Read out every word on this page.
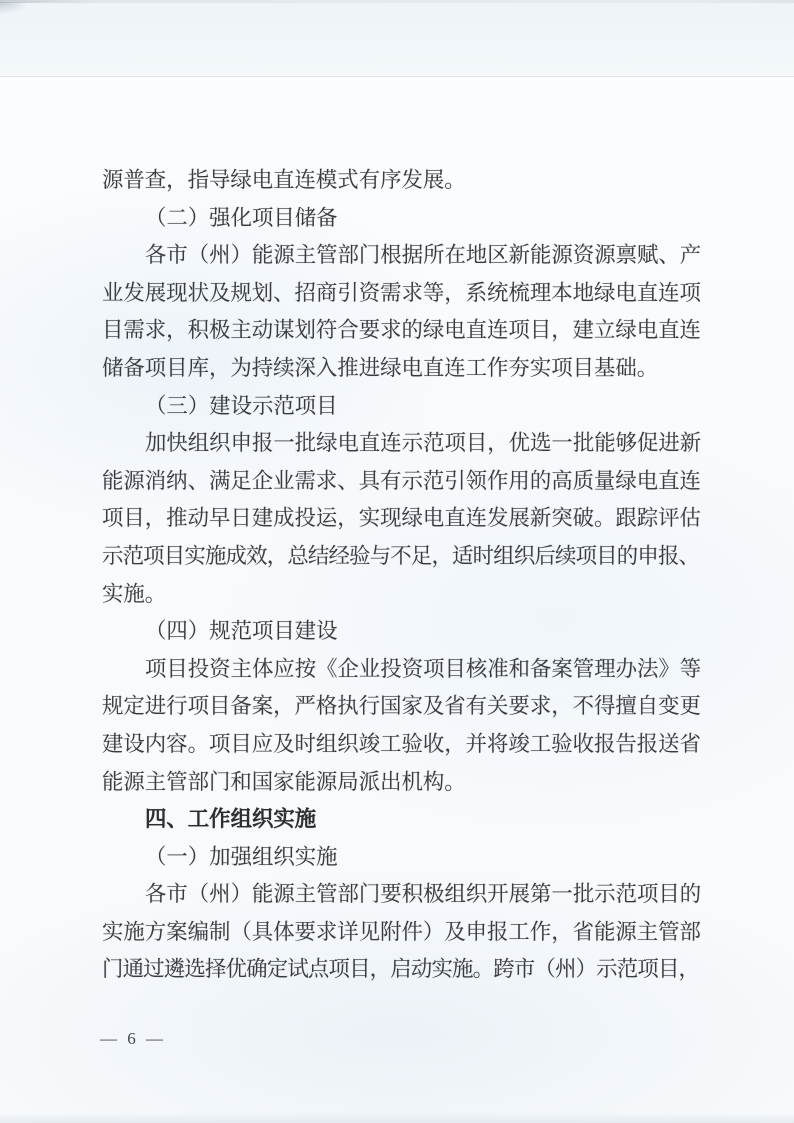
源普查，指导绿电直连模式有序发展。
（二）强化项目储备
各市（州）能源主管部门根据所在地区新能源资源禀赋、产
业发展现状及规划、招商引资需求等，系统梳理本地绿电直连项
目需求，积极主动谋划符合要求的绿电直连项目，建立绿电直连
储备项目库，为持续深入推进绿电直连工作夯实项目基础。
（三）建设示范项目
加快组织申报一批绿电直连示范项目，优选一批能够促进新
能源消纳、满足企业需求、具有示范引领作用的高质量绿电直连
项目，推动早日建成投运，实现绿电直连发展新突破。跟踪评估
示范项目实施成效，总结经验与不足，适时组织后续项目的申报、
实施。
（四）规范项目建设
项目投资主体应按《企业投资项目核准和备案管理办法》等
规定进行项目备案，严格执行国家及省有关要求，不得擅自变更
建设内容。项目应及时组织竣工验收，并将竣工验收报告报送省
能源主管部门和国家能源局派出机构。
四、工作组织实施
（一）加强组织实施
各市（州）能源主管部门要积极组织开展第一批示范项目的
实施方案编制（具体要求详见附件）及申报工作，省能源主管部
门通过遴选择优确定试点项目，启动实施。跨市（州）示范项目，
— 6 —
